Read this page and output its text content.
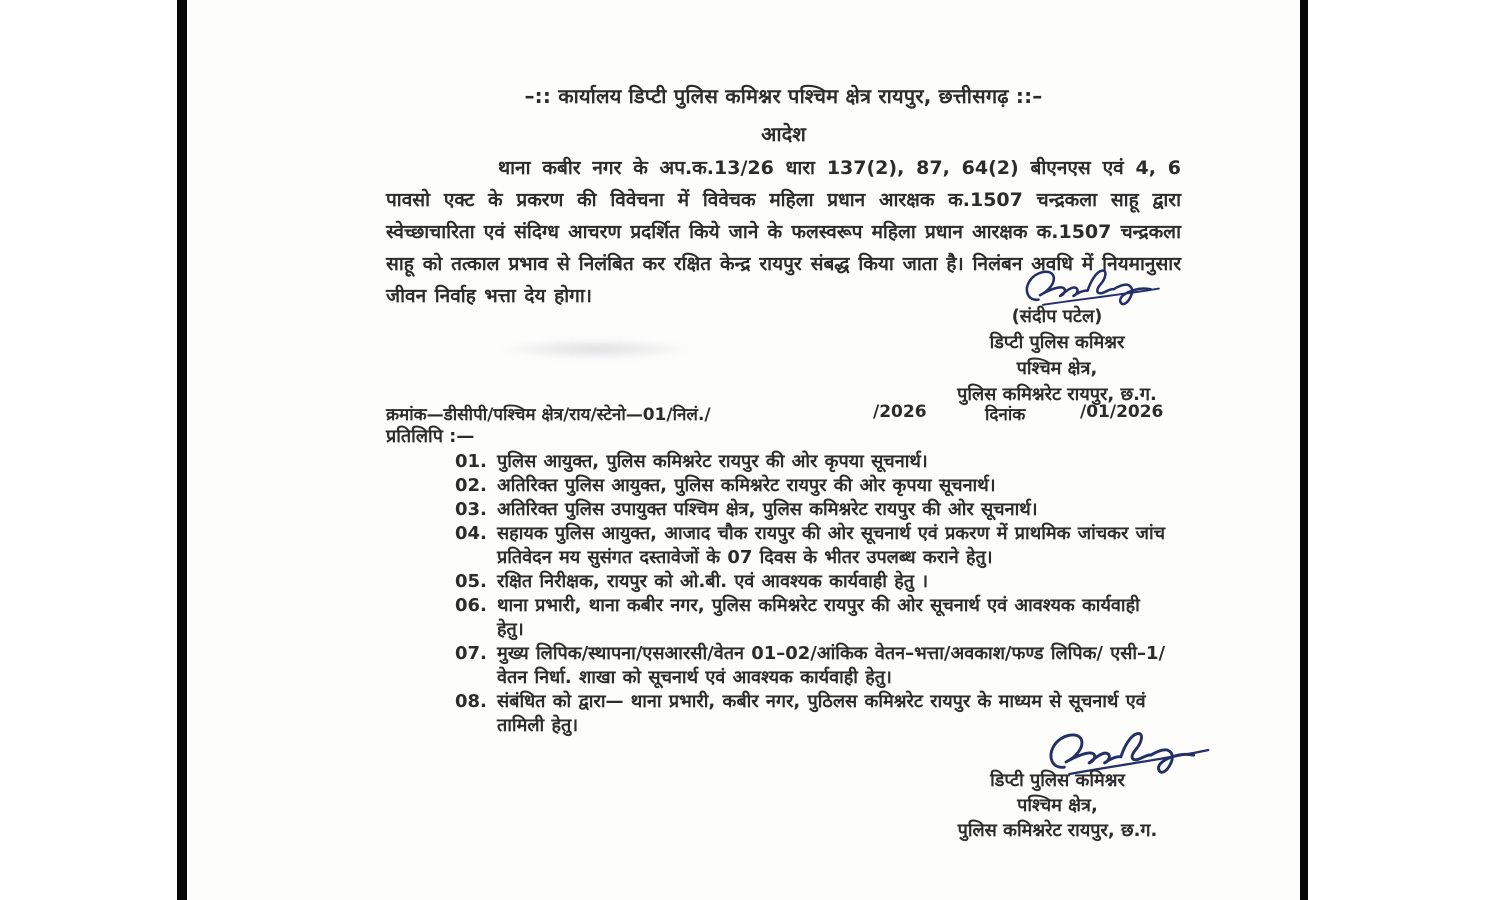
–:: कार्यालय डिप्टी पुलिस कमिश्नर पश्चिम क्षेत्र रायपुर, छत्तीसगढ़ ::–
आदेश
थाना कबीर नगर के अप.क.13/26 धारा 137(2), 87, 64(2) बीएनएस एवं 4, 6 पावसो एक्ट के प्रकरण की विवेचना में विवेचक महिला प्रधान आरक्षक क.1507 चन्द्रकला साहू द्वारा स्वेच्छाचारिता एवं संदिग्ध आचरण प्रदर्शित किये जाने के फलस्वरूप महिला प्रधान आरक्षक क.1507 चन्द्रकला साहू को तत्काल प्रभाव से निलंबित कर रक्षित केन्द्र रायपुर संबद्ध किया जाता है। निलंबन अवधि में नियमानुसार जीवन निर्वाह भत्ता देय होगा।
(संदीप पटेल)
डिप्टी पुलिस कमिश्नर
पश्चिम क्षेत्र,
पुलिस कमिश्नरेट रायपुर, छ.ग.
क्रमांक—डीसीपी/पश्चिम क्षेत्र/राय/स्टेनो—01/निलं./	/2026	दिनांक	/01/2026
प्रतिलिपि :—
01. पुलिस आयुक्त, पुलिस कमिश्नरेट रायपुर की ओर कृपया सूचनार्थ।
02. अतिरिक्त पुलिस आयुक्त, पुलिस कमिश्नरेट रायपुर की ओर कृपया सूचनार्थ।
03. अतिरिक्त पुलिस उपायुक्त पश्चिम क्षेत्र, पुलिस कमिश्नरेट रायपुर की ओर सूचनार्थ।
04. सहायक पुलिस आयुक्त, आजाद चौक रायपुर की ओर सूचनार्थ एवं प्रकरण में प्राथमिक जांचकर जांच प्रतिवेदन मय सुसंगत दस्तावेजों के 07 दिवस के भीतर उपलब्ध कराने हेतु।
05. रक्षित निरीक्षक, रायपुर को ओ.बी. एवं आवश्यक कार्यवाही हेतु ।
06. थाना प्रभारी, थाना कबीर नगर, पुलिस कमिश्नरेट रायपुर की ओर सूचनार्थ एवं आवश्यक कार्यवाही हेतु।
07. मुख्य लिपिक/स्थापना/एसआरसी/वेतन 01–02/आंकिक वेतन–भत्ता/अवकाश/फण्ड लिपिक/ एसी–1/ वेतन निर्धा. शाखा को सूचनार्थ एवं आवश्यक कार्यवाही हेतु।
08. संबंधित को द्वारा— थाना प्रभारी, कबीर नगर, पुठिलस कमिश्नरेट रायपुर के माध्यम से सूचनार्थ एवं तामिली हेतु।
डिप्टी पुलिस कमिश्नर
पश्चिम क्षेत्र,
पुलिस कमिश्नरेट रायपुर, छ.ग.
